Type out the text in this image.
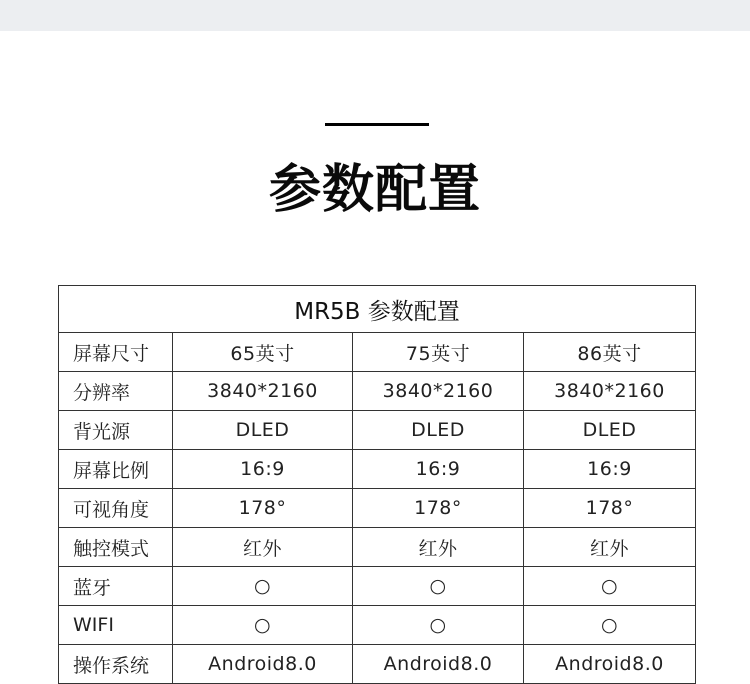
参数配置
MR5B 参数配置			
屏幕尺寸	65英寸	75英寸	86英寸
分辨率	3840*2160	3840*2160	3840*2160
背光源	DLED	DLED	DLED
屏幕比例	16:9	16:9	16:9
可视角度	178°	178°	178°
触控模式	红外	红外	红外
蓝牙	○	○	○
WIFI	○	○	○
操作系统	Android8.0	Android8.0	Android8.0
